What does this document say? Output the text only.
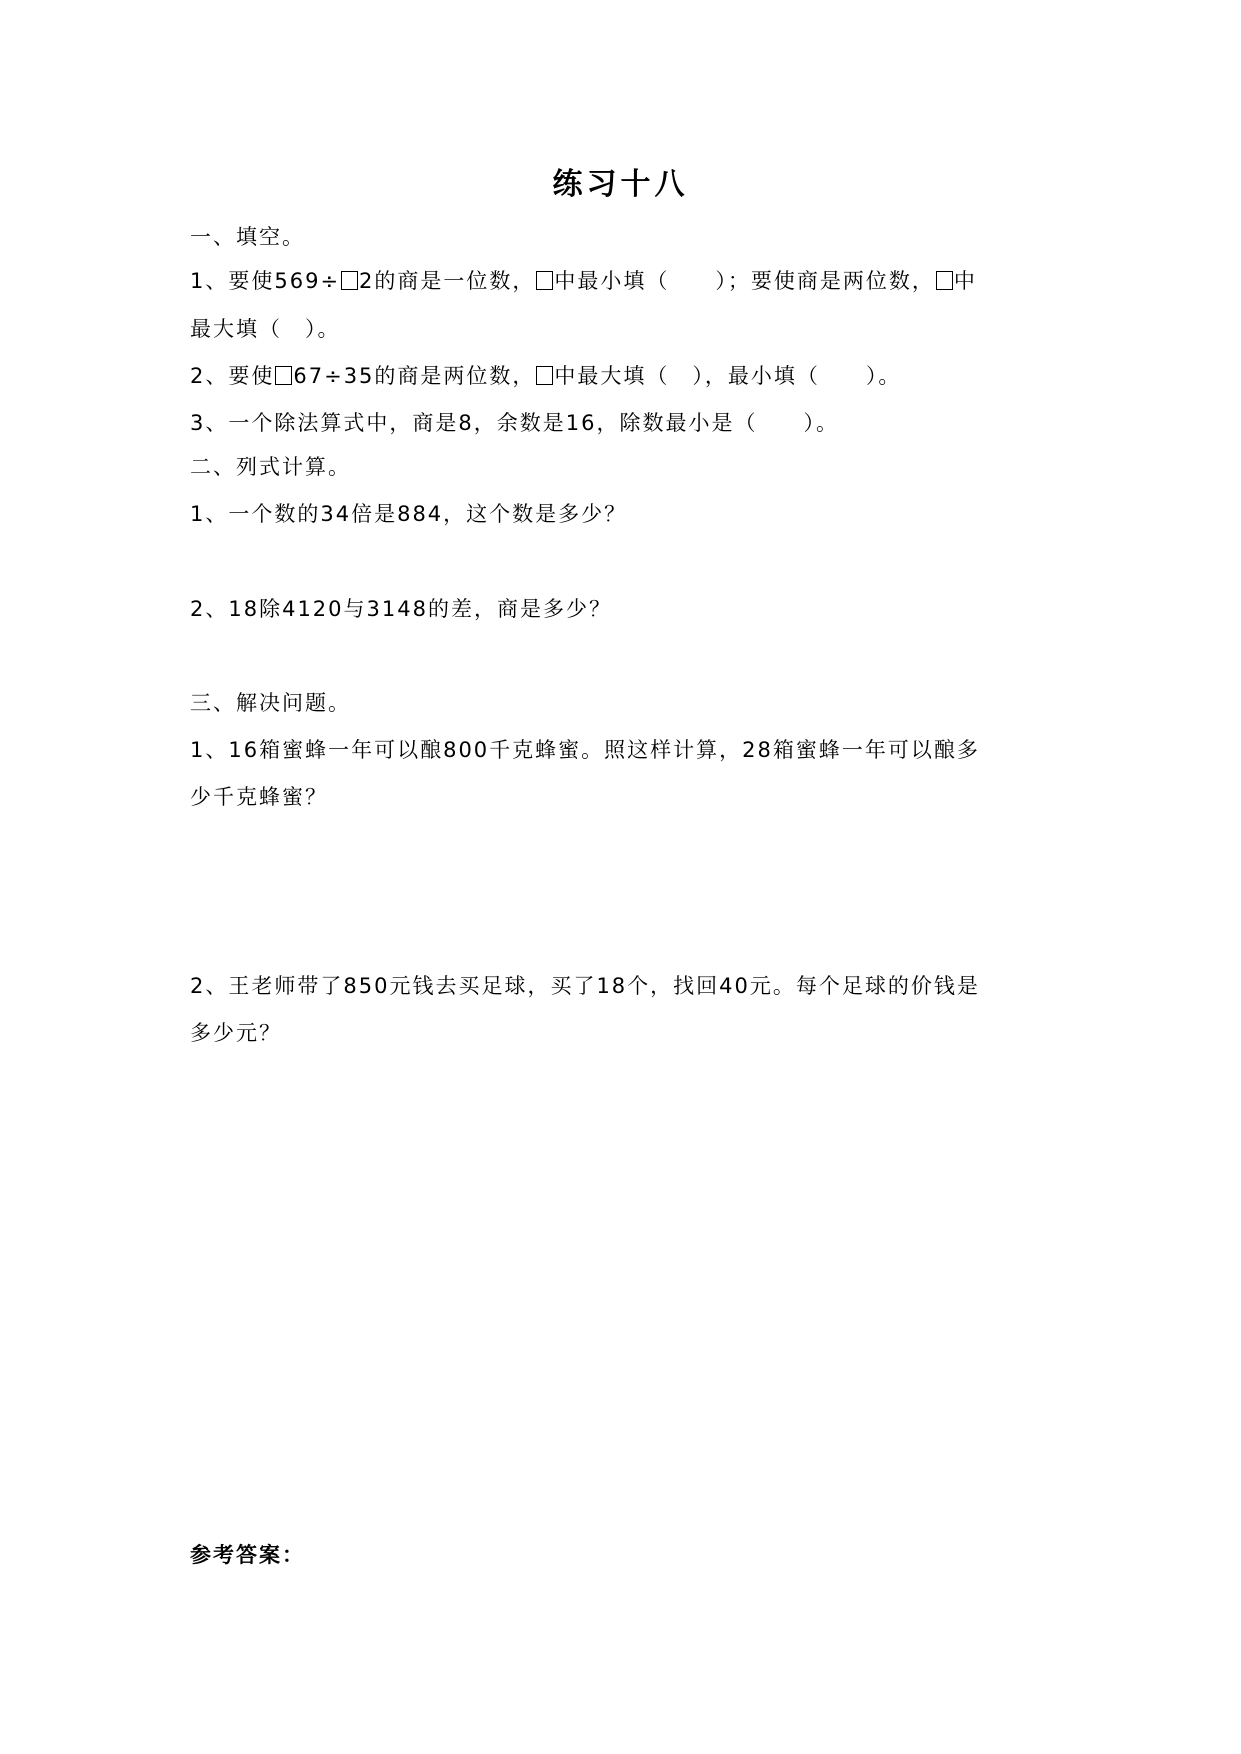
练习十八
一、填空。
1、要使569÷ 2的商是一位数， 中最小填（　　）；要使商是两位数， 中
最大填（　）。
2、要使 67÷35的商是两位数， 中最大填（　），最小填（　　）。
3、一个除法算式中，商是8，余数是16，除数最小是（　　）。
二、列式计算。
1、一个数的34倍是884，这个数是多少？
2、18除4120与3148的差，商是多少？
三、解决问题。
1、16箱蜜蜂一年可以酿800千克蜂蜜。照这样计算，28箱蜜蜂一年可以酿多
少千克蜂蜜？
2、王老师带了850元钱去买足球，买了18个，找回40元。每个足球的价钱是
多少元？
参考答案：
